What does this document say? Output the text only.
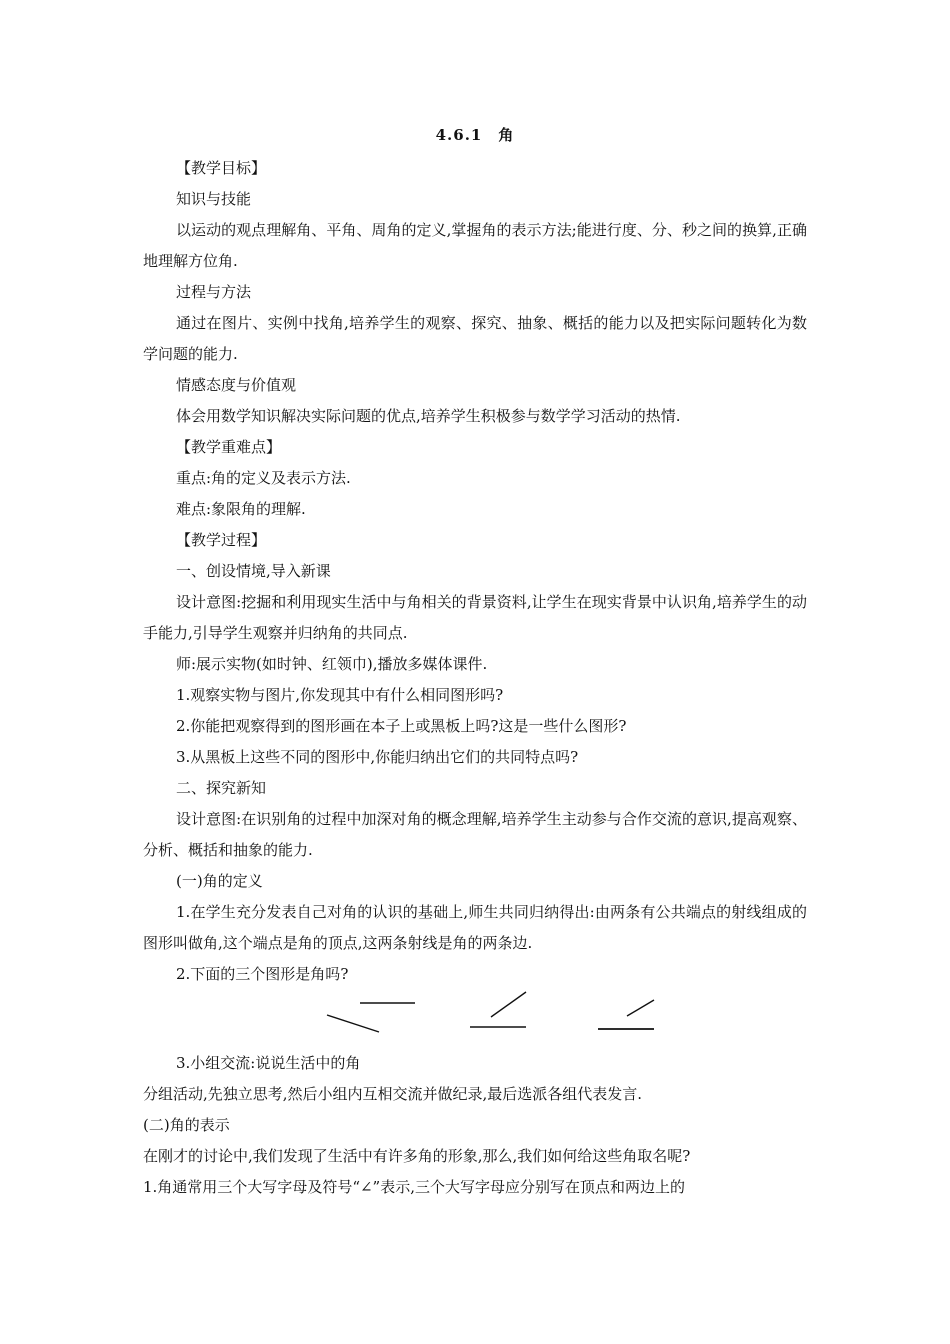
4.6.1　角

【教学目标】

知识与技能

以运动的观点理解角、平角、周角的定义,掌握角的表示方法;能进行度、分、秒之间的换算,正确地理解方位角.

过程与方法

通过在图片、实例中找角,培养学生的观察、探究、抽象、概括的能力以及把实际问题转化为数学问题的能力.

情感态度与价值观

体会用数学知识解决实际问题的优点,培养学生积极参与数学学习活动的热情.

【教学重难点】

重点:角的定义及表示方法.

难点:象限角的理解.

【教学过程】

一、创设情境,导入新课

设计意图:挖掘和利用现实生活中与角相关的背景资料,让学生在现实背景中认识角,培养学生的动手能力,引导学生观察并归纳角的共同点.

师:展示实物(如时钟、红领巾),播放多媒体课件.

1.观察实物与图片,你发现其中有什么相同图形吗?

2.你能把观察得到的图形画在本子上或黑板上吗?这是一些什么图形?

3.从黑板上这些不同的图形中,你能归纳出它们的共同特点吗?

二、探究新知

设计意图:在识别角的过程中加深对角的概念理解,培养学生主动参与合作交流的意识,提高观察、分析、概括和抽象的能力.

(一)角的定义

1.在学生充分发表自己对角的认识的基础上,师生共同归纳得出:由两条有公共端点的射线组成的图形叫做角,这个端点是角的顶点,这两条射线是角的两条边.

2.下面的三个图形是角吗?

3.小组交流:说说生活中的角

分组活动,先独立思考,然后小组内互相交流并做纪录,最后选派各组代表发言.

(二)角的表示

在刚才的讨论中,我们发现了生活中有许多角的形象,那么,我们如何给这些角取名呢?

1.角通常用三个大写字母及符号“∠”表示,三个大写字母应分别写在顶点和两边上的
